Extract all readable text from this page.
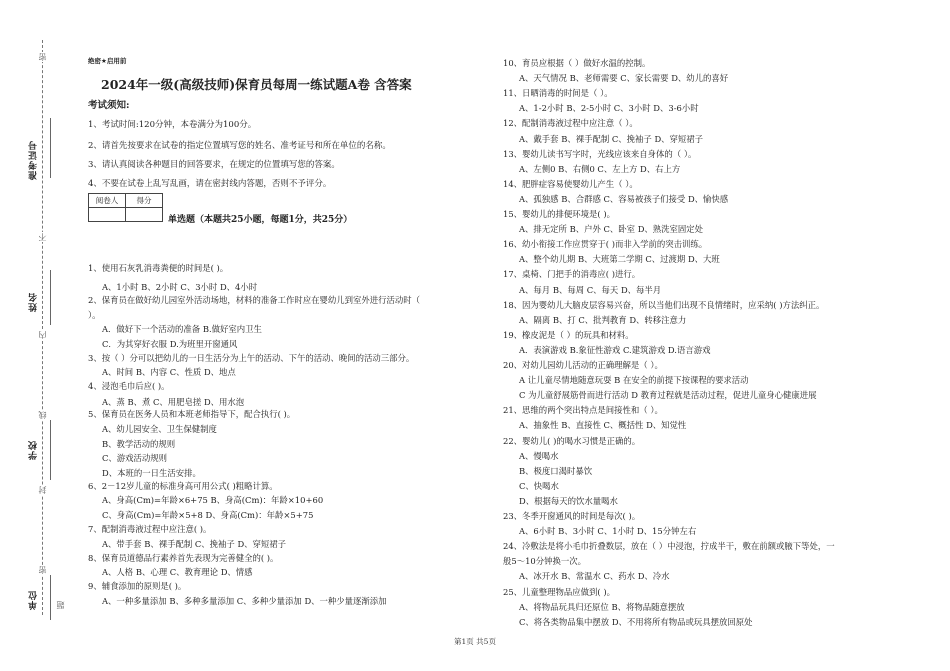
密
准考证号
不
姓名
内
线
学校
封
密
单位 题
绝密★启用前
2024年一级(高级技师)保育员每周一练试题A卷 含答案
考试须知:
1、考试时间:120分钟，本卷满分为100分。
2、请首先按要求在试卷的指定位置填写您的姓名、准考证号和所在单位的名称。
3、请认真阅读各种题目的回答要求，在规定的位置填写您的答案。
4、不要在试卷上乱写乱画，请在密封线内答题，否则不予评分。
阅卷人	得分

单选题（本题共25小题，每题1分，共25分）
1、使用石灰乳消毒粪便的时间是( )。
A、1小时 B、2小时 C、3小时 D、4小时
2、保育员在做好幼儿园室外活动场地，材料的准备工作时应在婴幼儿到室外进行活动时（
）。
A．做好下一个活动的准备 B.做好室内卫生
C．为其穿好衣服 D.为班里开窗通风
3、按（ ）分可以把幼儿的一日生活分为上午的活动、下午的活动、晚间的活动三部分。
A、时间 B、内容 C、性质 D、地点
4、浸泡毛巾后应( )。
A、蒸 B、煮 C、用肥皂搓 D、用水泡
5、保育员在医务人员和本班老师指导下，配合执行( )。
A、幼儿园安全、卫生保健制度
B、教学活动的规则
C、游戏活动规则
D、本班的一日生活安排。
6、2－12岁儿童的标准身高可用公式( )粗略计算。
A、身高(Cm)=年龄×6+75 B、身高(Cm)：年龄×10+60
C、身高(Cm)=年龄×5+8 D、身高(Cm)：年龄×5+75
7、配制消毒液过程中应注意( )。
A、带手套 B、裸手配制 C、挽袖子 D、穿短裙子
8、保育员道德品行素养首先表现为完善健全的( )。
A、人格 B、心理 C、教育理论 D、情感
9、辅食添加的原则是( )。
A、一种多量添加 B、多种多量添加 C、多种少量添加 D、一种少量逐渐添加
10、育员应根据（ ）做好水温的控制。
A、天气情况 B、老师需要 C、家长需要 D、幼儿的喜好
11、日晒消毒的时间是（ ）。
A、1-2小时 B、2-5小时 C、3小时 D、3-6小时
12、配制消毒液过程中应注意（ ）。
A、戴手套 B、裸手配制 C、挽袖子 D、穿短裙子
13、婴幼儿读书写字时，光线应该来自身体的（ ）。
A、左侧0 B、右侧0 C、左上方 D、右上方
14、肥胖症容易使婴幼儿产生（ ）。
A、孤独感 B、合群感 C、容易被孩子们接受 D、愉快感
15、婴幼儿的排便环境是( )。
A、排无定所 B、户外 C、卧室 D、熟洗室固定处
16、幼小衔接工作应贯穿于( )而非入学前的突击训练。
A、整个幼儿期 B、大班第二学期 C、过渡期 D、大班
17、桌椅、门把手的消毒应( )进行。
A、每月 B、每周 C、每天 D、每半月
18、因为婴幼儿大脑皮层容易兴奋，所以当他们出现不良情绪时，应采纳( )方法纠正。
A、隔离 B、打 C、批判教育 D、转移注意力
19、橡皮泥是（ ）的玩具和材料。
A．表演游戏 B.象征性游戏 C.建筑游戏 D.语言游戏
20、对幼儿园幼儿活动的正确理解是（ ）。
A 让儿童尽情地随意玩耍 B 在安全的前提下按课程的要求活动
C 为儿童舒展筋骨而进行活动 D 教育过程就是活动过程，促进儿童身心健康进展
21、思维的两个突出特点是间接性和（ ）。
A、抽象性 B、直接性 C、概括性 D、知觉性
22、婴幼儿( )的喝水习惯是正确的。
A、慢喝水
B、极度口渴时暴饮
C、快喝水
D、根据每天的饮水量喝水
23、冬季开窗通风的时间是每次( )。
A、6小时 B、3小时 C、1小时 D、15分钟左右
24、冷敷法是将小毛巾折叠数层，放在（ ）中浸泡，拧成半干，敷在前额或腋下等处，一
般5～10分钟换一次。
A、冰开水 B、常温水 C、药水 D、冷水
25、儿童整理物品应做到( )。
A、将物品玩具归还原位 B、将物品随意摆放
C、将各类物品集中摆放 D、不用将所有物品或玩具摆放回原处
第1页 共5页
